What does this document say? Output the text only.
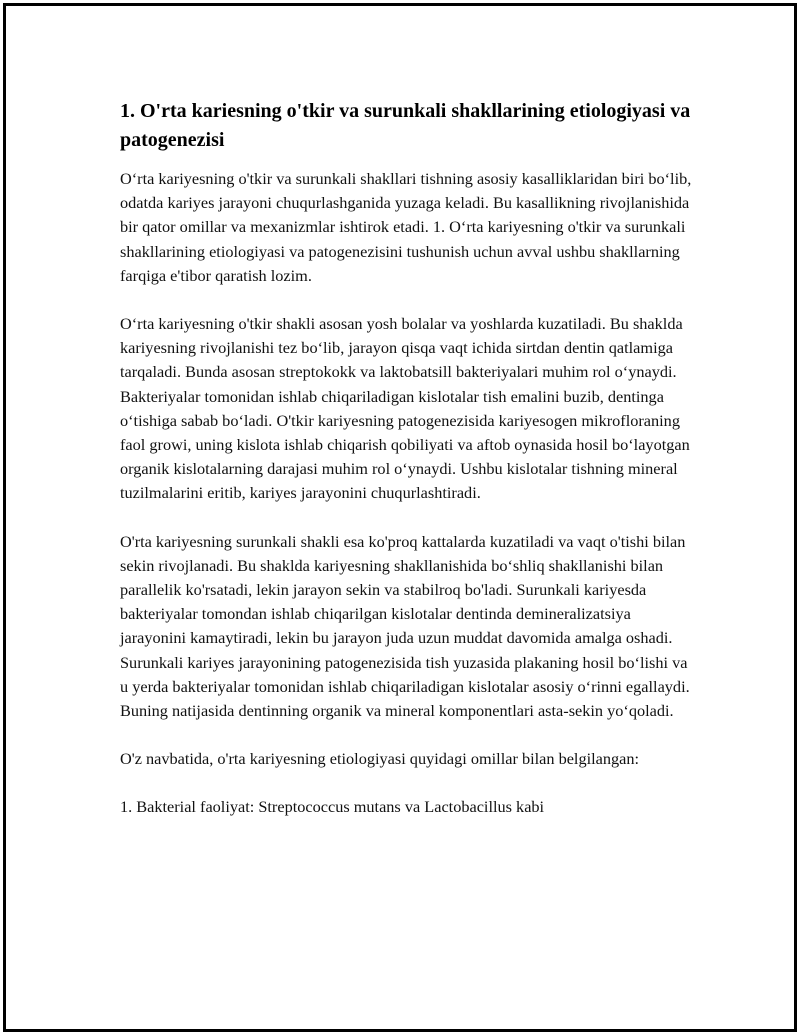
1. O'rta kariesning o'tkir va surunkali shakllarining etiologiyasi va patogenezisi

O‘rta kariyesning o'tkir va surunkali shakllari tishning asosiy kasalliklaridan biri bo‘lib, odatda kariyes jarayoni chuqurlashganida yuzaga keladi. Bu kasallikning rivojlanishida bir qator omillar va mexanizmlar ishtirok etadi. 1. O‘rta kariyesning o'tkir va surunkali shakllarining etiologiyasi va patogenezisini tushunish uchun avval ushbu shakllarning farqiga e'tibor qaratish lozim.

O‘rta kariyesning o'tkir shakli asosan yosh bolalar va yoshlarda kuzatiladi. Bu shaklda kariyesning rivojlanishi tez bo‘lib, jarayon qisqa vaqt ichida sirtdan dentin qatlamiga tarqaladi. Bunda asosan streptokokk va laktobatsill bakteriyalari muhim rol o‘ynaydi. Bakteriyalar tomonidan ishlab chiqariladigan kislotalar tish emalini buzib, dentinga o‘tishiga sabab bo‘ladi. O'tkir kariyesning patogenezisida kariyesogen mikrofloraning faol growi, uning kislota ishlab chiqarish qobiliyati va aftob oynasida hosil bo‘layotgan organik kislotalarning darajasi muhim rol o‘ynaydi. Ushbu kislotalar tishning mineral tuzilmalarini eritib, kariyes jarayonini chuqurlashtiradi.

O'rta kariyesning surunkali shakli esa ko'proq kattalarda kuzatiladi va vaqt o'tishi bilan sekin rivojlanadi. Bu shaklda kariyesning shakllanishida bo‘shliq shakllanishi bilan parallelik ko'rsatadi, lekin jarayon sekin va stabilroq bo'ladi. Surunkali kariyesda bakteriyalar tomondan ishlab chiqarilgan kislotalar dentinda demineralizatsiya jarayonini kamaytiradi, lekin bu jarayon juda uzun muddat davomida amalga oshadi. Surunkali kariyes jarayonining patogenezisida tish yuzasida plakaning hosil bo‘lishi va u yerda bakteriyalar tomonidan ishlab chiqariladigan kislotalar asosiy o‘rinni egallaydi. Buning natijasida dentinning organik va mineral komponentlari asta-sekin yo‘qoladi.

O'z navbatida, o'rta kariyesning etiologiyasi quyidagi omillar bilan belgilangan:

1. Bakterial faoliyat: Streptococcus mutans va Lactobacillus kabi
